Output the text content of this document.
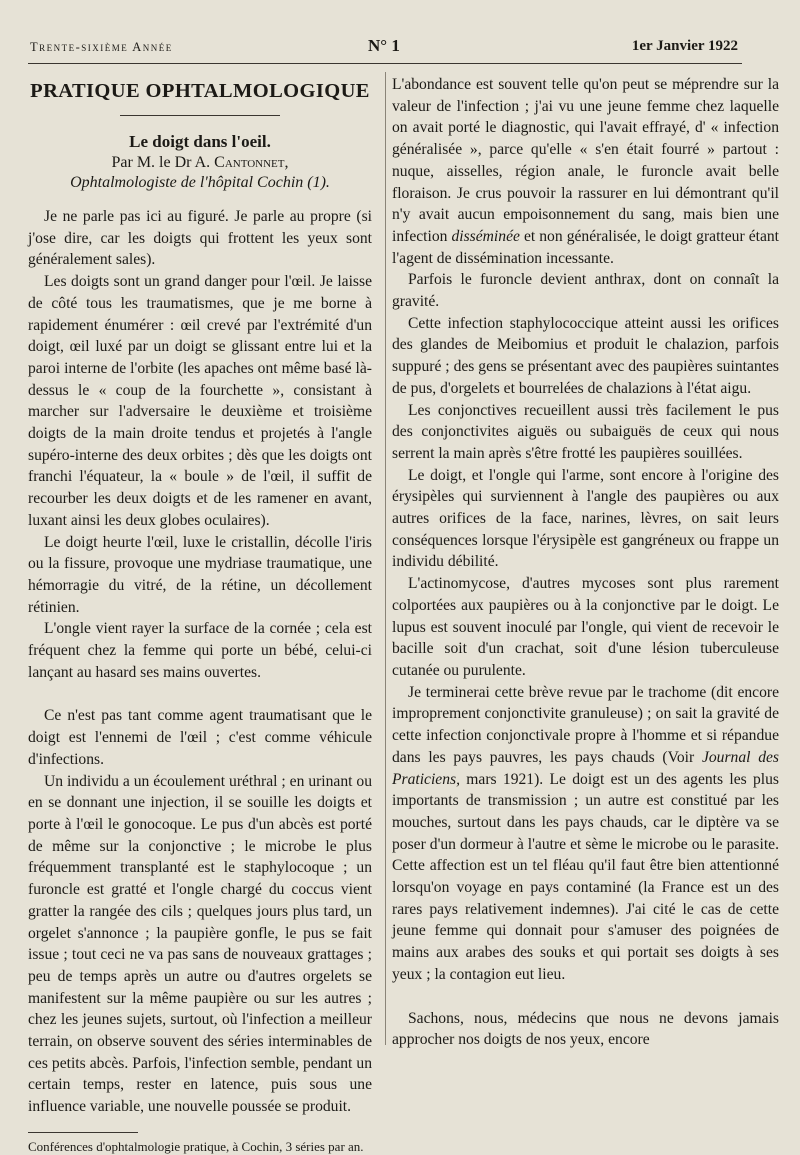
Trente-sixième Année	N° 1	1er Janvier 1922
PRATIQUE OPHTALMOLOGIQUE
Le doigt dans l'oeil.
Par M. le Dr A. Cantonnet,
Ophtalmologiste de l'hôpital Cochin (1).

Je ne parle pas ici au figuré. Je parle au propre (si j'ose dire, car les doigts qui frottent les yeux sont généralement sales).

Les doigts sont un grand danger pour l'œil. Je laisse de côté tous les traumatismes, que je me borne à rapidement énumérer : œil crevé par l'extrémité d'un doigt, œil luxé par un doigt se glissant entre lui et la paroi interne de l'orbite (les apaches ont même basé là-dessus le « coup de la fourchette », consistant à marcher sur l'adversaire le deuxième et troisième doigts de la main droite tendus et projetés à l'angle supéro-interne des deux orbites ; dès que les doigts ont franchi l'équateur, la « boule » de l'œil, il suffit de recourber les deux doigts et de les ramener en avant, luxant ainsi les deux globes oculaires).

Le doigt heurte l'œil, luxe le cristallin, décolle l'iris ou la fissure, provoque une mydriase traumatique, une hémorragie du vitré, de la rétine, un décollement rétinien.

L'ongle vient rayer la surface de la cornée ; cela est fréquent chez la femme qui porte un bébé, celui-ci lançant au hasard ses mains ouvertes.

Ce n'est pas tant comme agent traumatisant que le doigt est l'ennemi de l'œil ; c'est comme véhicule d'infections.

Un individu a un écoulement uréthral ; en urinant ou en se donnant une injection, il se souille les doigts et porte à l'œil le gonocoque. Le pus d'un abcès est porté de même sur la conjonctive ; le microbe le plus fréquemment transplanté est le staphylocoque ; un furoncle est gratté et l'ongle chargé du coccus vient gratter la rangée des cils ; quelques jours plus tard, un orgelet s'annonce ; la paupière gonfle, le pus se fait issue ; tout ceci ne va pas sans de nouveaux grattages ; peu de temps après un autre ou d'autres orgelets se manifestent sur la même paupière ou sur les autres ; chez les jeunes sujets, surtout, où l'infection a meilleur terrain, on observe souvent des séries interminables de ces petits abcès. Parfois, l'infection semble, pendant un certain temps, rester en latence, puis sous une influence variable, une nouvelle poussée se produit.

Conférences d'ophtalmologie pratique, à Cochin, 3 séries par an.

L'abondance est souvent telle qu'on peut se méprendre sur la valeur de l'infection ; j'ai vu une jeune femme chez laquelle on avait porté le diagnostic, qui l'avait effrayé, d' « infection généralisée », parce qu'elle « s'en était fourré » partout : nuque, aisselles, région anale, le furoncle avait belle floraison. Je crus pouvoir la rassurer en lui démontrant qu'il n'y avait aucun empoisonnement du sang, mais bien une infection disséminée et non généralisée, le doigt gratteur étant l'agent de dissémination incessante.

Parfois le furoncle devient anthrax, dont on connaît la gravité.

Cette infection staphylococcique atteint aussi les orifices des glandes de Meibomius et produit le chalazion, parfois suppuré ; des gens se présentant avec des paupières suintantes de pus, d'orgelets et bourrelées de chalazions à l'état aigu.

Les conjonctives recueillent aussi très facilement le pus des conjonctivites aiguës ou subaiguës de ceux qui nous serrent la main après s'être frotté les paupières souillées.

Le doigt, et l'ongle qui l'arme, sont encore à l'origine des érysipèles qui surviennent à l'angle des paupières ou aux autres orifices de la face, narines, lèvres, on sait leurs conséquences lorsque l'érysipèle est gangréneux ou frappe un individu débilité.

L'actinomycose, d'autres mycoses sont plus rarement colportées aux paupières ou à la conjonctive par le doigt. Le lupus est souvent inoculé par l'ongle, qui vient de recevoir le bacille soit d'un crachat, soit d'une lésion tuberculeuse cutanée ou purulente.

Je terminerai cette brève revue par le trachome (dit encore improprement conjonctivite granuleuse) ; on sait la gravité de cette infection conjonctivale propre à l'homme et si répandue dans les pays pauvres, les pays chauds (Voir Journal des Praticiens, mars 1921). Le doigt est un des agents les plus importants de transmission ; un autre est constitué par les mouches, surtout dans les pays chauds, car le diptère va se poser d'un dormeur à l'autre et sème le microbe ou le parasite. Cette affection est un tel fléau qu'il faut être bien attentionné lorsqu'on voyage en pays contaminé (la France est un des rares pays relativement indemnes). J'ai cité le cas de cette jeune femme qui donnait pour s'amuser des poignées de mains aux arabes des souks et qui portait ses doigts à ses yeux ; la contagion eut lieu.

Sachons, nous, médecins que nous ne devons jamais approcher nos doigts de nos yeux, encore
